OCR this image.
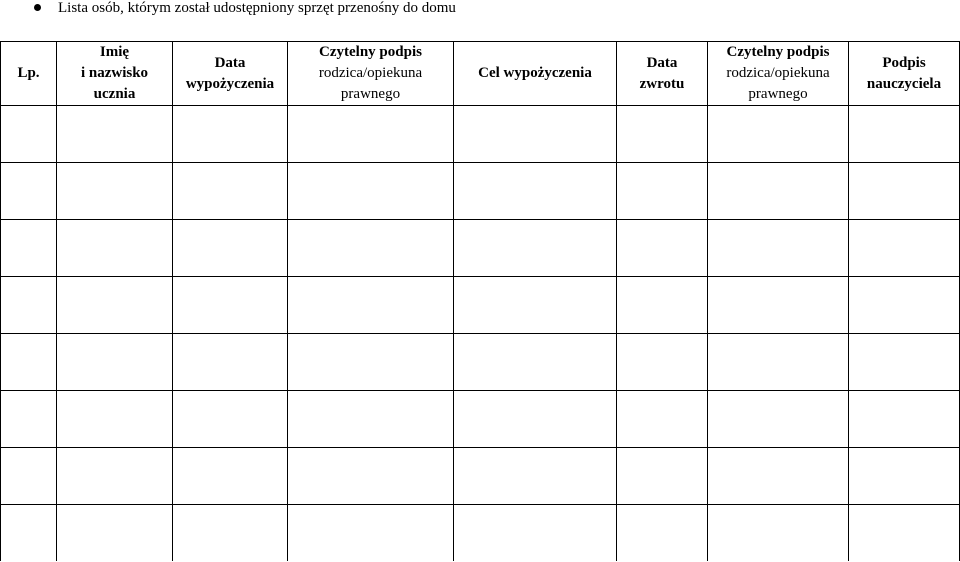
Lista osób, którym został udostępniony sprzęt przenośny do domu
Lp.	Imię
i nazwisko
ucznia	Data
wypożyczenia	Czytelny podpis
rodzica/opiekuna
prawnego	Cel wypożyczenia	Data
zwrotu	Czytelny podpis
rodzica/opiekuna
prawnego	Podpis
nauczyciela
